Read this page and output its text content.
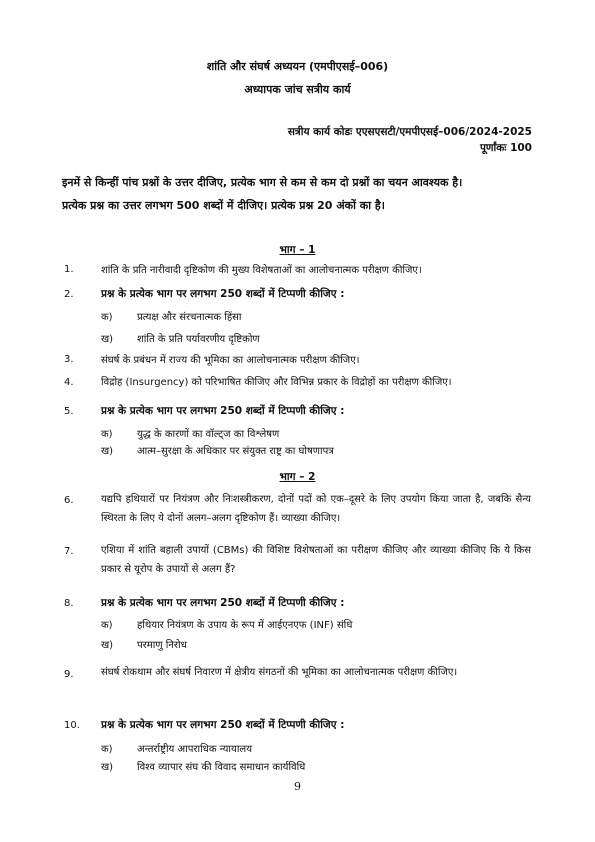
शांति और संघर्ष अध्ययन (एमपीएसई–006)
अध्यापक जांच सत्रीय कार्य
सत्रीय कार्य कोडः एएसएसटी/एमपीएसई–006/2024-2025
पूर्णांकः 100
इनमें से किन्हीं पांच प्रश्नों के उत्तर दीजिए, प्रत्येक भाग से कम से कम दो प्रश्नों का चयन आवश्यक है।
प्रत्येक प्रश्न का उत्तर लगभग 500 शब्दों में दीजिए। प्रत्येक प्रश्न 20 अंकों का है।
भाग – 1
1.	शांति के प्रति नारीवादी दृष्टिकोण की मुख्य विशेषताओं का आलोचनात्मक परीक्षण कीजिए।
2.	प्रश्न के प्रत्येक भाग पर लगभग 250 शब्दों में टिप्पणी कीजिए :
क) प्रत्यक्ष और संरचनात्मक हिंसा
ख) शांति के प्रति पर्यावरणीय दृष्टिकोण
3.	संघर्ष के प्रबंधन में राज्य की भूमिका का आलोचनात्मक परीक्षण कीजिए।
4.	विद्रोह (Insurgency) को परिभाषित कीजिए और विभिन्न प्रकार के विद्रोहों का परीक्षण कीजिए।
5.	प्रश्न के प्रत्येक भाग पर लगभग 250 शब्दों में टिप्पणी कीजिए :
क) युद्ध के कारणों का वॉल्ट्ज का विश्लेषण
ख) आत्म–सुरक्षा के अधिकार पर संयुक्त राष्ट्र का घोषणापत्र
भाग – 2
6.	यद्यपि हथियारों पर नियंत्रण और निःशस्त्रीकरण, दोनों पदों को एक–दूसरे के लिए उपयोग किया जाता है, जबकि सैन्य स्थिरता के लिए ये दोनों अलग–अलग दृष्टिकोण हैं। व्याख्या कीजिए।
7.	एशिया में शांति बहाली उपायों (CBMs) की विशिष्ट विशेषताओं का परीक्षण कीजिए और व्याख्या कीजिए कि ये किस प्रकार से यूरोप के उपायों से अलग हैं?
8.	प्रश्न के प्रत्येक भाग पर लगभग 250 शब्दों में टिप्पणी कीजिए :
क) हथियार नियंत्रण के उपाय के रूप में आईएनएफ (INF) संधि
ख) परमाणु निरोध
9.	संघर्ष रोकथाम और संघर्ष निवारण में क्षेत्रीय संगठनों की भूमिका का आलोचनात्मक परीक्षण कीजिए।
10. प्रश्न के प्रत्येक भाग पर लगभग 250 शब्दों में टिप्पणी कीजिए :
क) अन्तर्राष्ट्रीय आपराधिक न्यायालय
ख) विश्व व्यापार संघ की विवाद समाधान कार्यविधि
9
